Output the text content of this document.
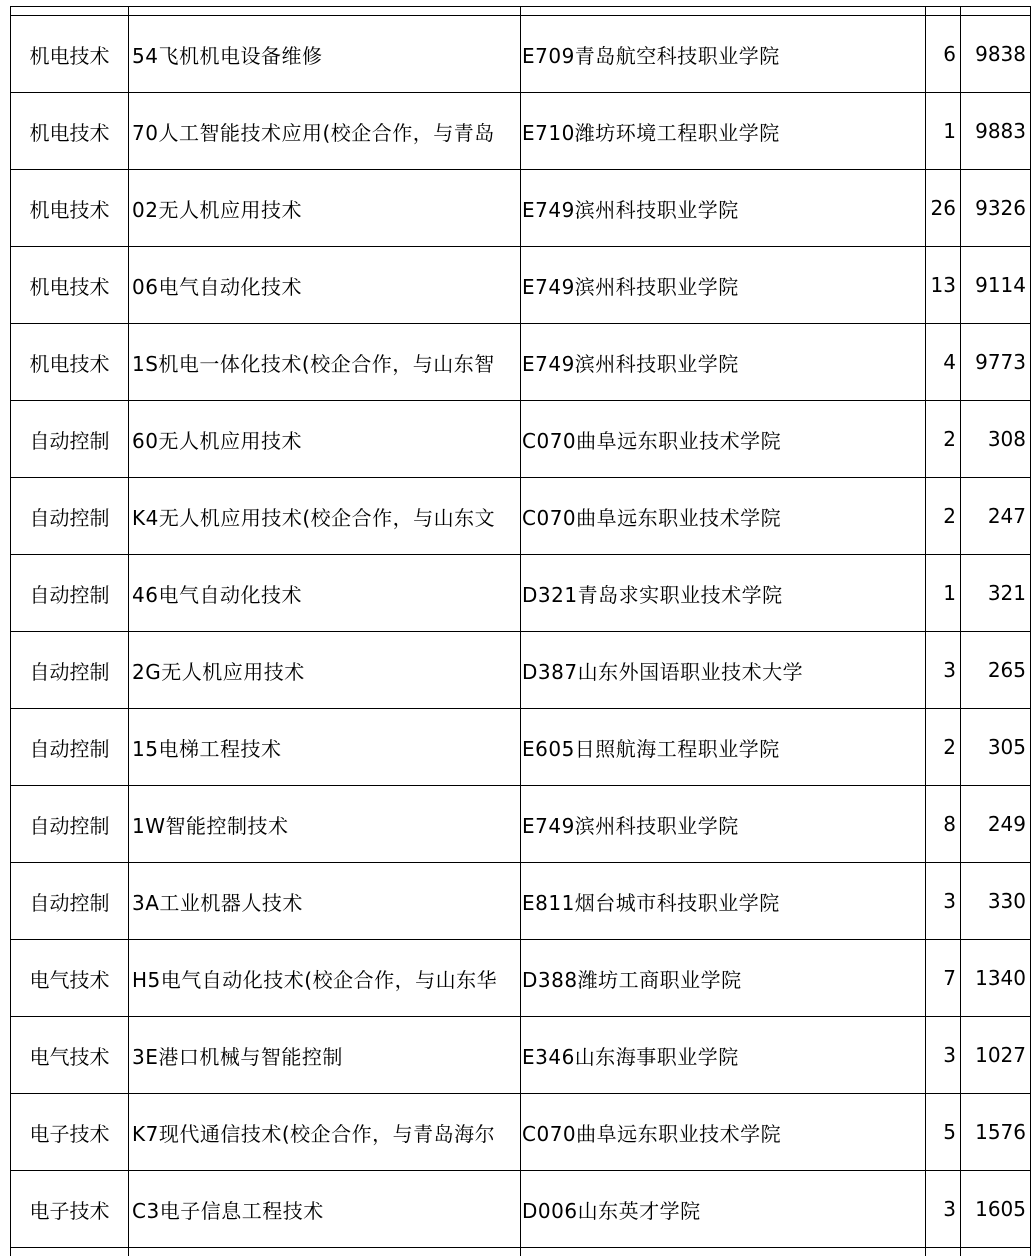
机电技术	54飞机机电设备维修	E709青岛航空科技职业学院	6	9838
机电技术	70人工智能技术应用(校企合作，与青岛	E710潍坊环境工程职业学院	1	9883
机电技术	02无人机应用技术	E749滨州科技职业学院	26	9326
机电技术	06电气自动化技术	E749滨州科技职业学院	13	9114
机电技术	1S机电一体化技术(校企合作，与山东智	E749滨州科技职业学院	4	9773
自动控制	60无人机应用技术	C070曲阜远东职业技术学院	2	308
自动控制	K4无人机应用技术(校企合作，与山东文	C070曲阜远东职业技术学院	2	247
自动控制	46电气自动化技术	D321青岛求实职业技术学院	1	321
自动控制	2G无人机应用技术	D387山东外国语职业技术大学	3	265
自动控制	15电梯工程技术	E605日照航海工程职业学院	2	305
自动控制	1W智能控制技术	E749滨州科技职业学院	8	249
自动控制	3A工业机器人技术	E811烟台城市科技职业学院	3	330
电气技术	H5电气自动化技术(校企合作，与山东华	D388潍坊工商职业学院	7	1340
电气技术	3E港口机械与智能控制	E346山东海事职业学院	3	1027
电子技术	K7现代通信技术(校企合作，与青岛海尔	C070曲阜远东职业技术学院	5	1576
电子技术	C3电子信息工程技术	D006山东英才学院	3	1605
